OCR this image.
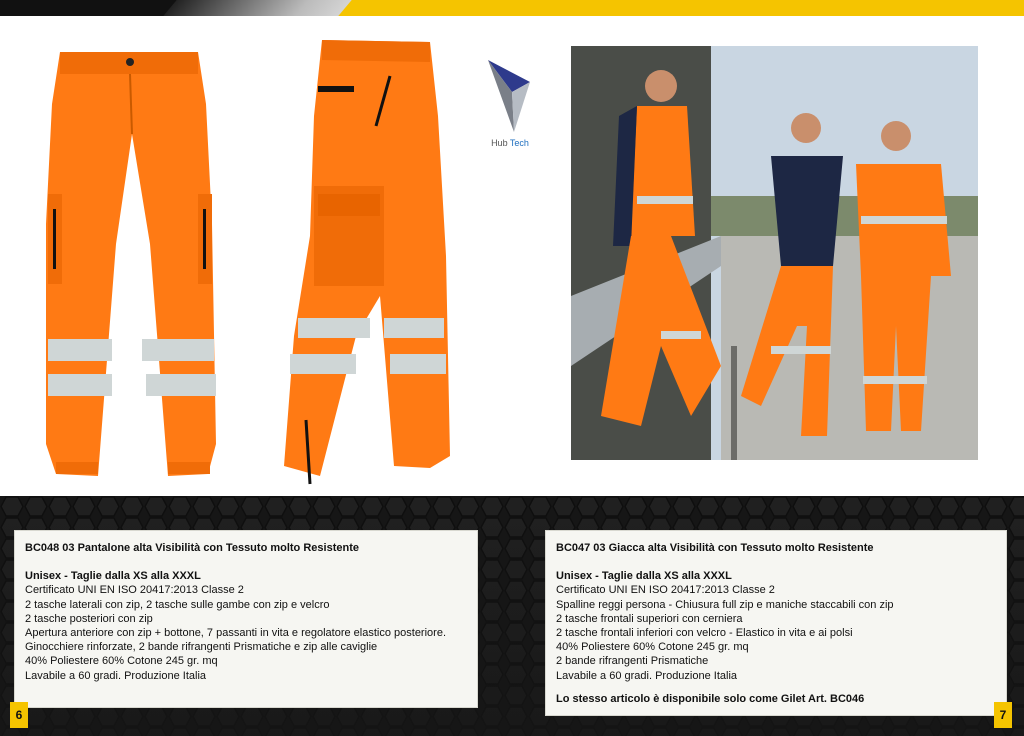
Hub Tech
BC048 03 Pantalone alta Visibilità con Tessuto molto Resistente
Unisex - Taglie dalla XS alla XXXL
Certificato UNI EN ISO 20417:2013 Classe 2
2 tasche laterali con zip, 2 tasche sulle gambe con zip e velcro
2 tasche posteriori con zip
Apertura anteriore con zip + bottone, 7 passanti in vita e regolatore elastico posteriore.
Ginocchiere rinforzate, 2 bande rifrangenti Prismatiche e zip alle caviglie
40% Poliestere 60% Cotone 245 gr. mq
Lavabile a 60 gradi. Produzione Italia
BC047 03 Giacca alta Visibilità con Tessuto molto Resistente
Unisex - Taglie dalla XS alla XXXL
Certificato UNI EN ISO 20417:2013 Classe 2
Spalline reggi persona - Chiusura full zip e maniche staccabili con zip
2 tasche frontali superiori con cerniera
2 tasche frontali inferiori con velcro - Elastico in vita e ai polsi
40% Poliestere 60% Cotone 245 gr. mq
2 bande rifrangenti Prismatiche
Lavabile a 60 gradi. Produzione Italia
Lo stesso articolo è disponibile solo come Gilet Art. BC046
6	7
